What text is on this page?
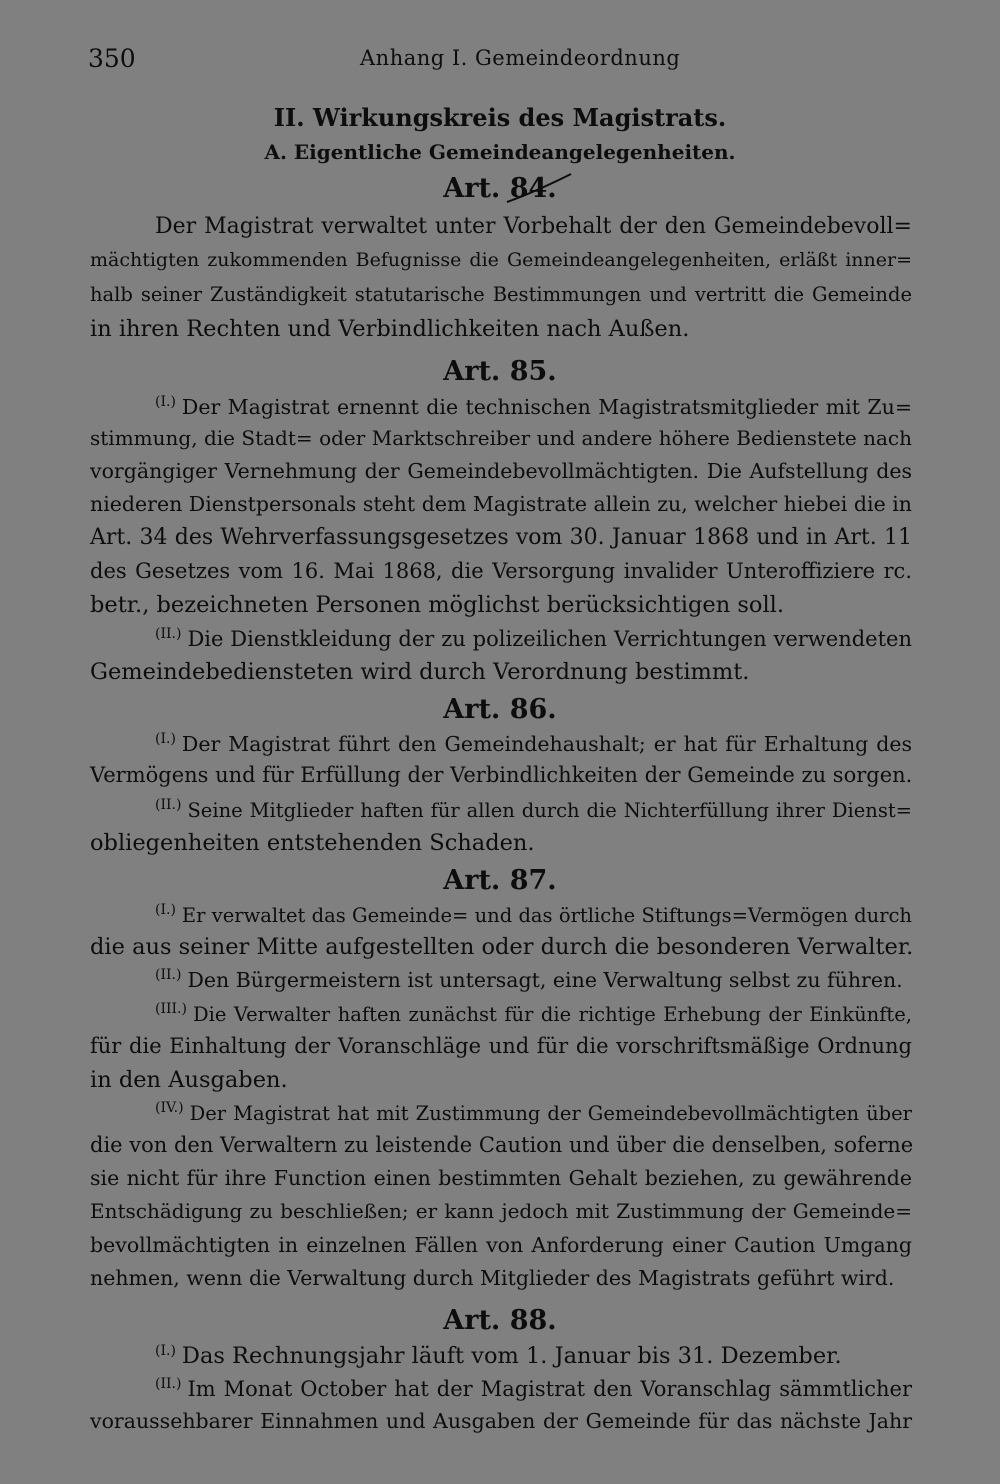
350	Anhang I. Gemeindeordnung
II. Wirkungskreis des Magistrats.
A. Eigentliche Gemeindeangelegenheiten.
Art. 84.

Der Magistrat verwaltet unter Vorbehalt der den Gemeindebevoll=

mächtigten zukommenden Befugnisse die Gemeindeangelegenheiten, erläßt inner=

halb seiner Zuständigkeit statutarische Bestimmungen und vertritt die Gemeinde

in ihren Rechten und Verbindlichkeiten nach Außen.

Art. 85.

$^{(I.)}$ Der Magistrat ernennt die technischen Magistratsmitglieder mit Zu=

stimmung, die Stadt= oder Marktschreiber und andere höhere Bedienstete nach

vorgängiger Vernehmung der Gemeindebevollmächtigten. Die Aufstellung des

niederen Dienstpersonals steht dem Magistrate allein zu, welcher hiebei die in

Art. 34 des Wehrverfassungsgesetzes vom 30. Januar 1868 und in Art. 11

des Gesetzes vom 16. Mai 1868, die Versorgung invalider Unteroffiziere rc.

betr., bezeichneten Personen möglichst berücksichtigen soll.

$^{(II.)}$ Die Dienstkleidung der zu polizeilichen Verrichtungen verwendeten

Gemeindebediensteten wird durch Verordnung bestimmt.

Art. 86.

$^{(I.)}$ Der Magistrat führt den Gemeindehaushalt; er hat für Erhaltung des

Vermögens und für Erfüllung der Verbindlichkeiten der Gemeinde zu sorgen.

$^{(II.)}$ Seine Mitglieder haften für allen durch die Nichterfüllung ihrer Dienst=

obliegenheiten entstehenden Schaden.

Art. 87.

$^{(I.)}$ Er verwaltet das Gemeinde= und das örtliche Stiftungs=Vermögen durch

die aus seiner Mitte aufgestellten oder durch die besonderen Verwalter.

$^{(II.)}$ Den Bürgermeistern ist untersagt, eine Verwaltung selbst zu führen.

$^{(III.)}$ Die Verwalter haften zunächst für die richtige Erhebung der Einkünfte,

für die Einhaltung der Voranschläge und für die vorschriftsmäßige Ordnung

in den Ausgaben.

$^{(IV.)}$ Der Magistrat hat mit Zustimmung der Gemeindebevollmächtigten über

die von den Verwaltern zu leistende Caution und über die denselben, soferne

sie nicht für ihre Function einen bestimmten Gehalt beziehen, zu gewährende

Entschädigung zu beschließen; er kann jedoch mit Zustimmung der Gemeinde=

bevollmächtigten in einzelnen Fällen von Anforderung einer Caution Umgang

nehmen, wenn die Verwaltung durch Mitglieder des Magistrats geführt wird.

Art. 88.

$^{(I.)}$ Das Rechnungsjahr läuft vom 1. Januar bis 31. Dezember.

$^{(II.)}$ Im Monat October hat der Magistrat den Voranschlag sämmtlicher

voraussehbarer Einnahmen und Ausgaben der Gemeinde für das nächste Jahr
